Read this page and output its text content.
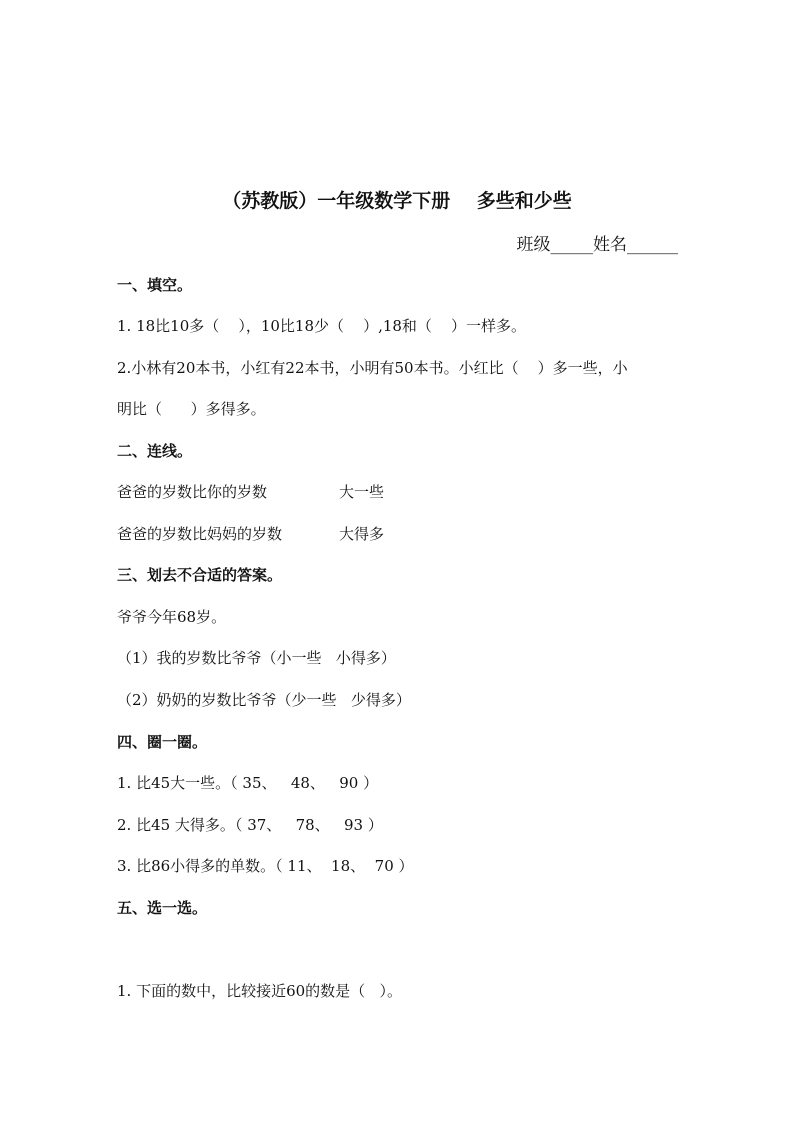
（苏教版）一年级数学下册    多些和少些
班级_____姓名______
一、填空。
1. 18比10多（    ），10比18少（    ）,18和（    ）一样多。
2.小林有20本书，小红有22本书，小明有50本书。小红比（    ）多一些，小
明比（      ）多得多。
二、连线。
爸爸的岁数比你的岁数	大一些
爸爸的岁数比妈妈的岁数	大得多
三、划去不合适的答案。
爷爷今年68岁。
（1）我的岁数比爷爷（小一些   小得多）
（2）奶奶的岁数比爷爷（少一些   少得多）
四、圈一圈。
1. 比45大一些。（ 35、   48、   90 ）
2. 比45 大得多。（ 37、   78、   93 ）
3. 比86小得多的单数。（ 11、  18、  70 ）
五、选一选。
1. 下面的数中，比较接近60的数是（   ）。
